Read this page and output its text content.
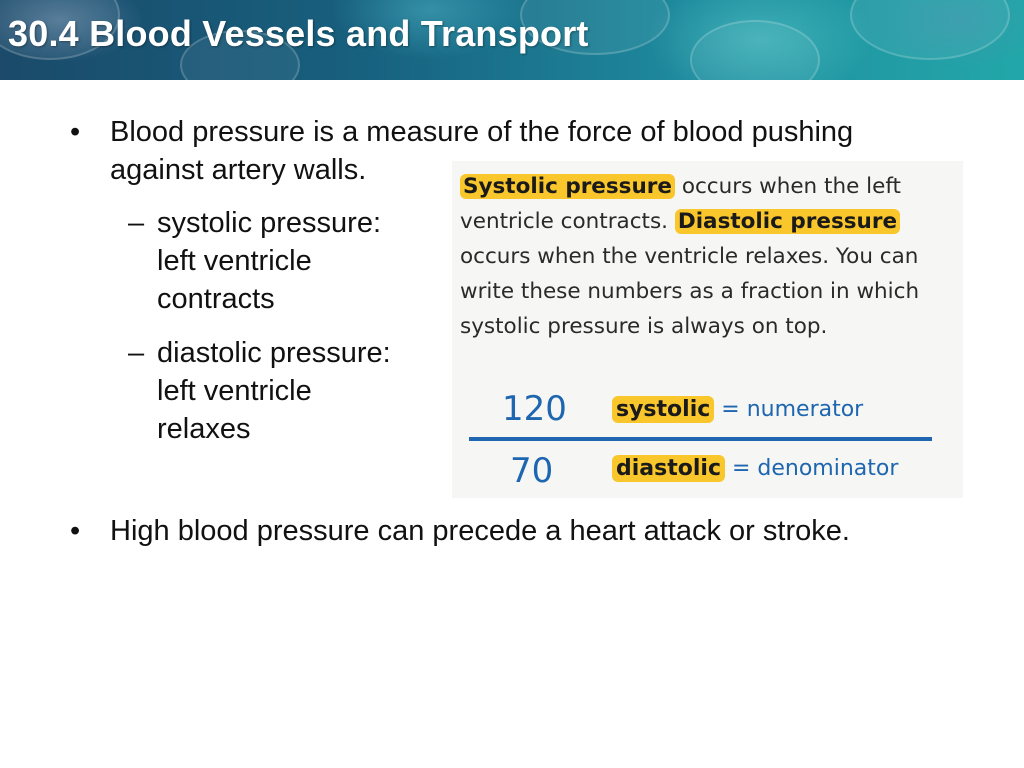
30.4 Blood Vessels and Transport
• Blood pressure is a measure of the force of blood pushing
against artery walls.
– systolic pressure:
left ventricle
contracts
– diastolic pressure:
left ventricle
relaxes
Systolic pressure occurs when the left ventricle contracts. Diastolic pressure occurs when the ventricle relaxes. You can write these numbers as a fraction in which systolic pressure is always on top.
120 systolic = numerator
70	diastolic = denominator
• High blood pressure can precede a heart attack or stroke.
